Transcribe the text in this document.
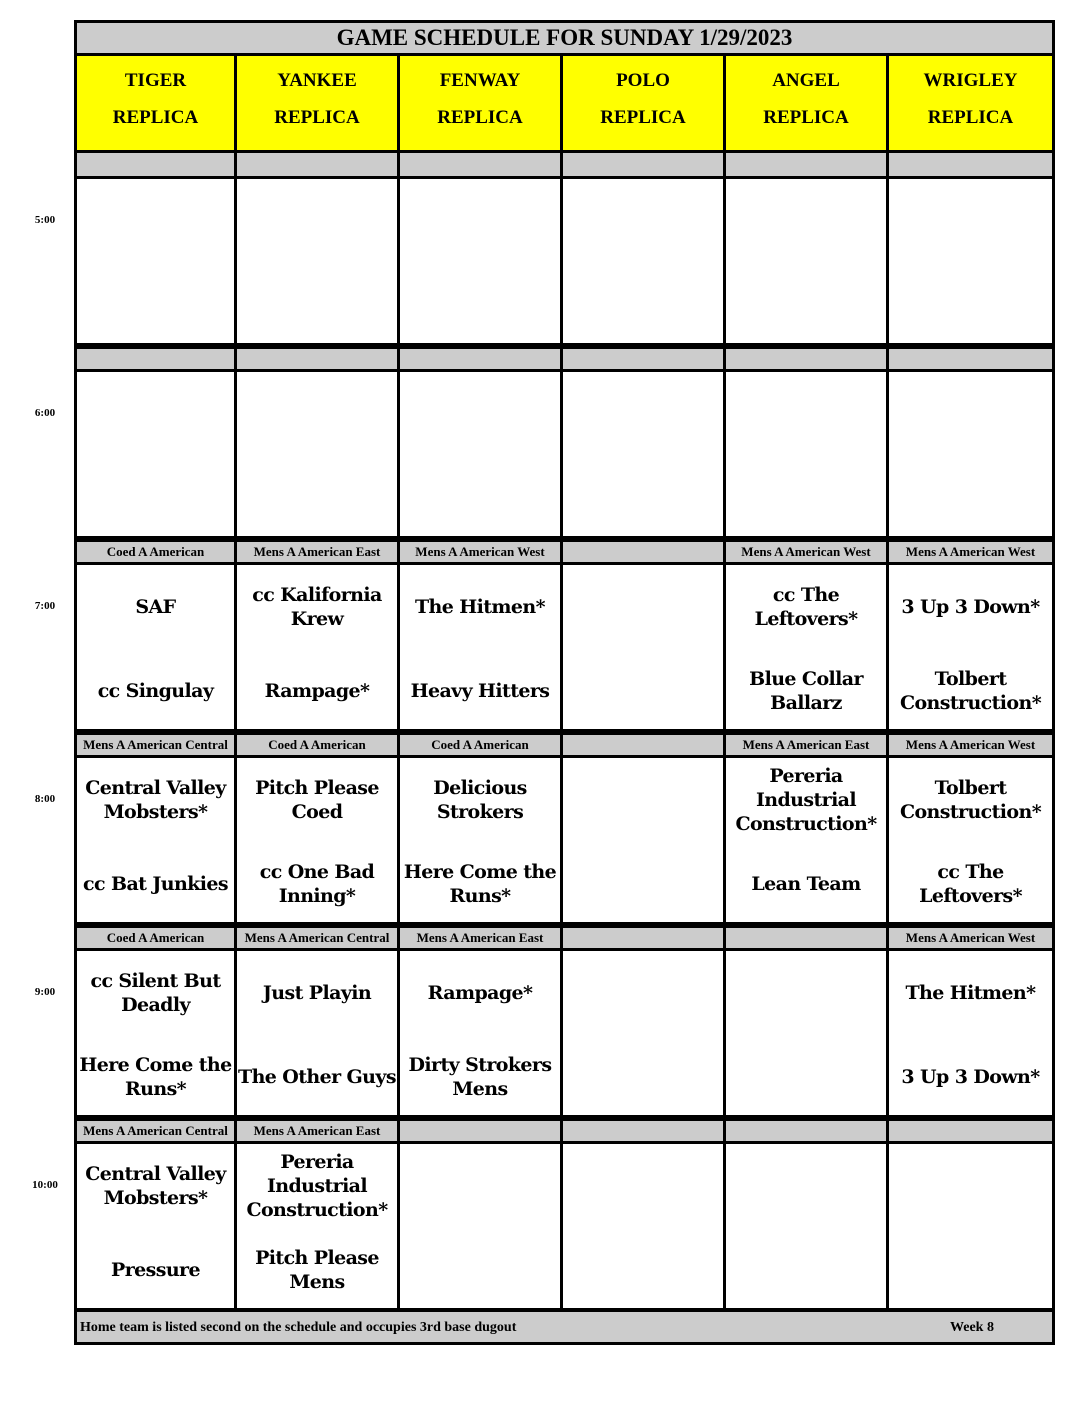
GAME SCHEDULE FOR SUNDAY 1/29/2023
TIGER
REPLICA
YANKEE
REPLICA
FENWAY
REPLICA
POLO
REPLICA
ANGEL
REPLICA
WRIGLEY
REPLICA
5:00
6:00
7:00
Coed A American
SAF
cc Singulay
Mens A American East
cc Kalifornia Krew
Rampage*
Mens A American West
The Hitmen*
Heavy Hitters
Mens A American West
cc The Leftovers*
Blue Collar Ballarz
Mens A American West
3 Up 3 Down*
Tolbert Construction*
8:00
Mens A American Central
Central Valley Mobsters*
cc Bat Junkies
Coed A American
Pitch Please Coed
cc One Bad Inning*
Coed A American
Delicious Strokers
Here Come the Runs*
Mens A American East
Pereria Industrial Construction*
Lean Team
Mens A American West
Tolbert Construction*
cc The Leftovers*
9:00
Coed A American
cc Silent But Deadly
Here Come the Runs*
Mens A American Central
Just Playin
The Other Guys
Mens A American East
Rampage*
Dirty Strokers Mens
Mens A American West
The Hitmen*
3 Up 3 Down*
10:00
Mens A American Central
Central Valley Mobsters*
Pressure
Mens A American East
Pereria Industrial Construction*
Pitch Please Mens
Home team is listed second on the schedule and occupies 3rd base dugout	Week 8
